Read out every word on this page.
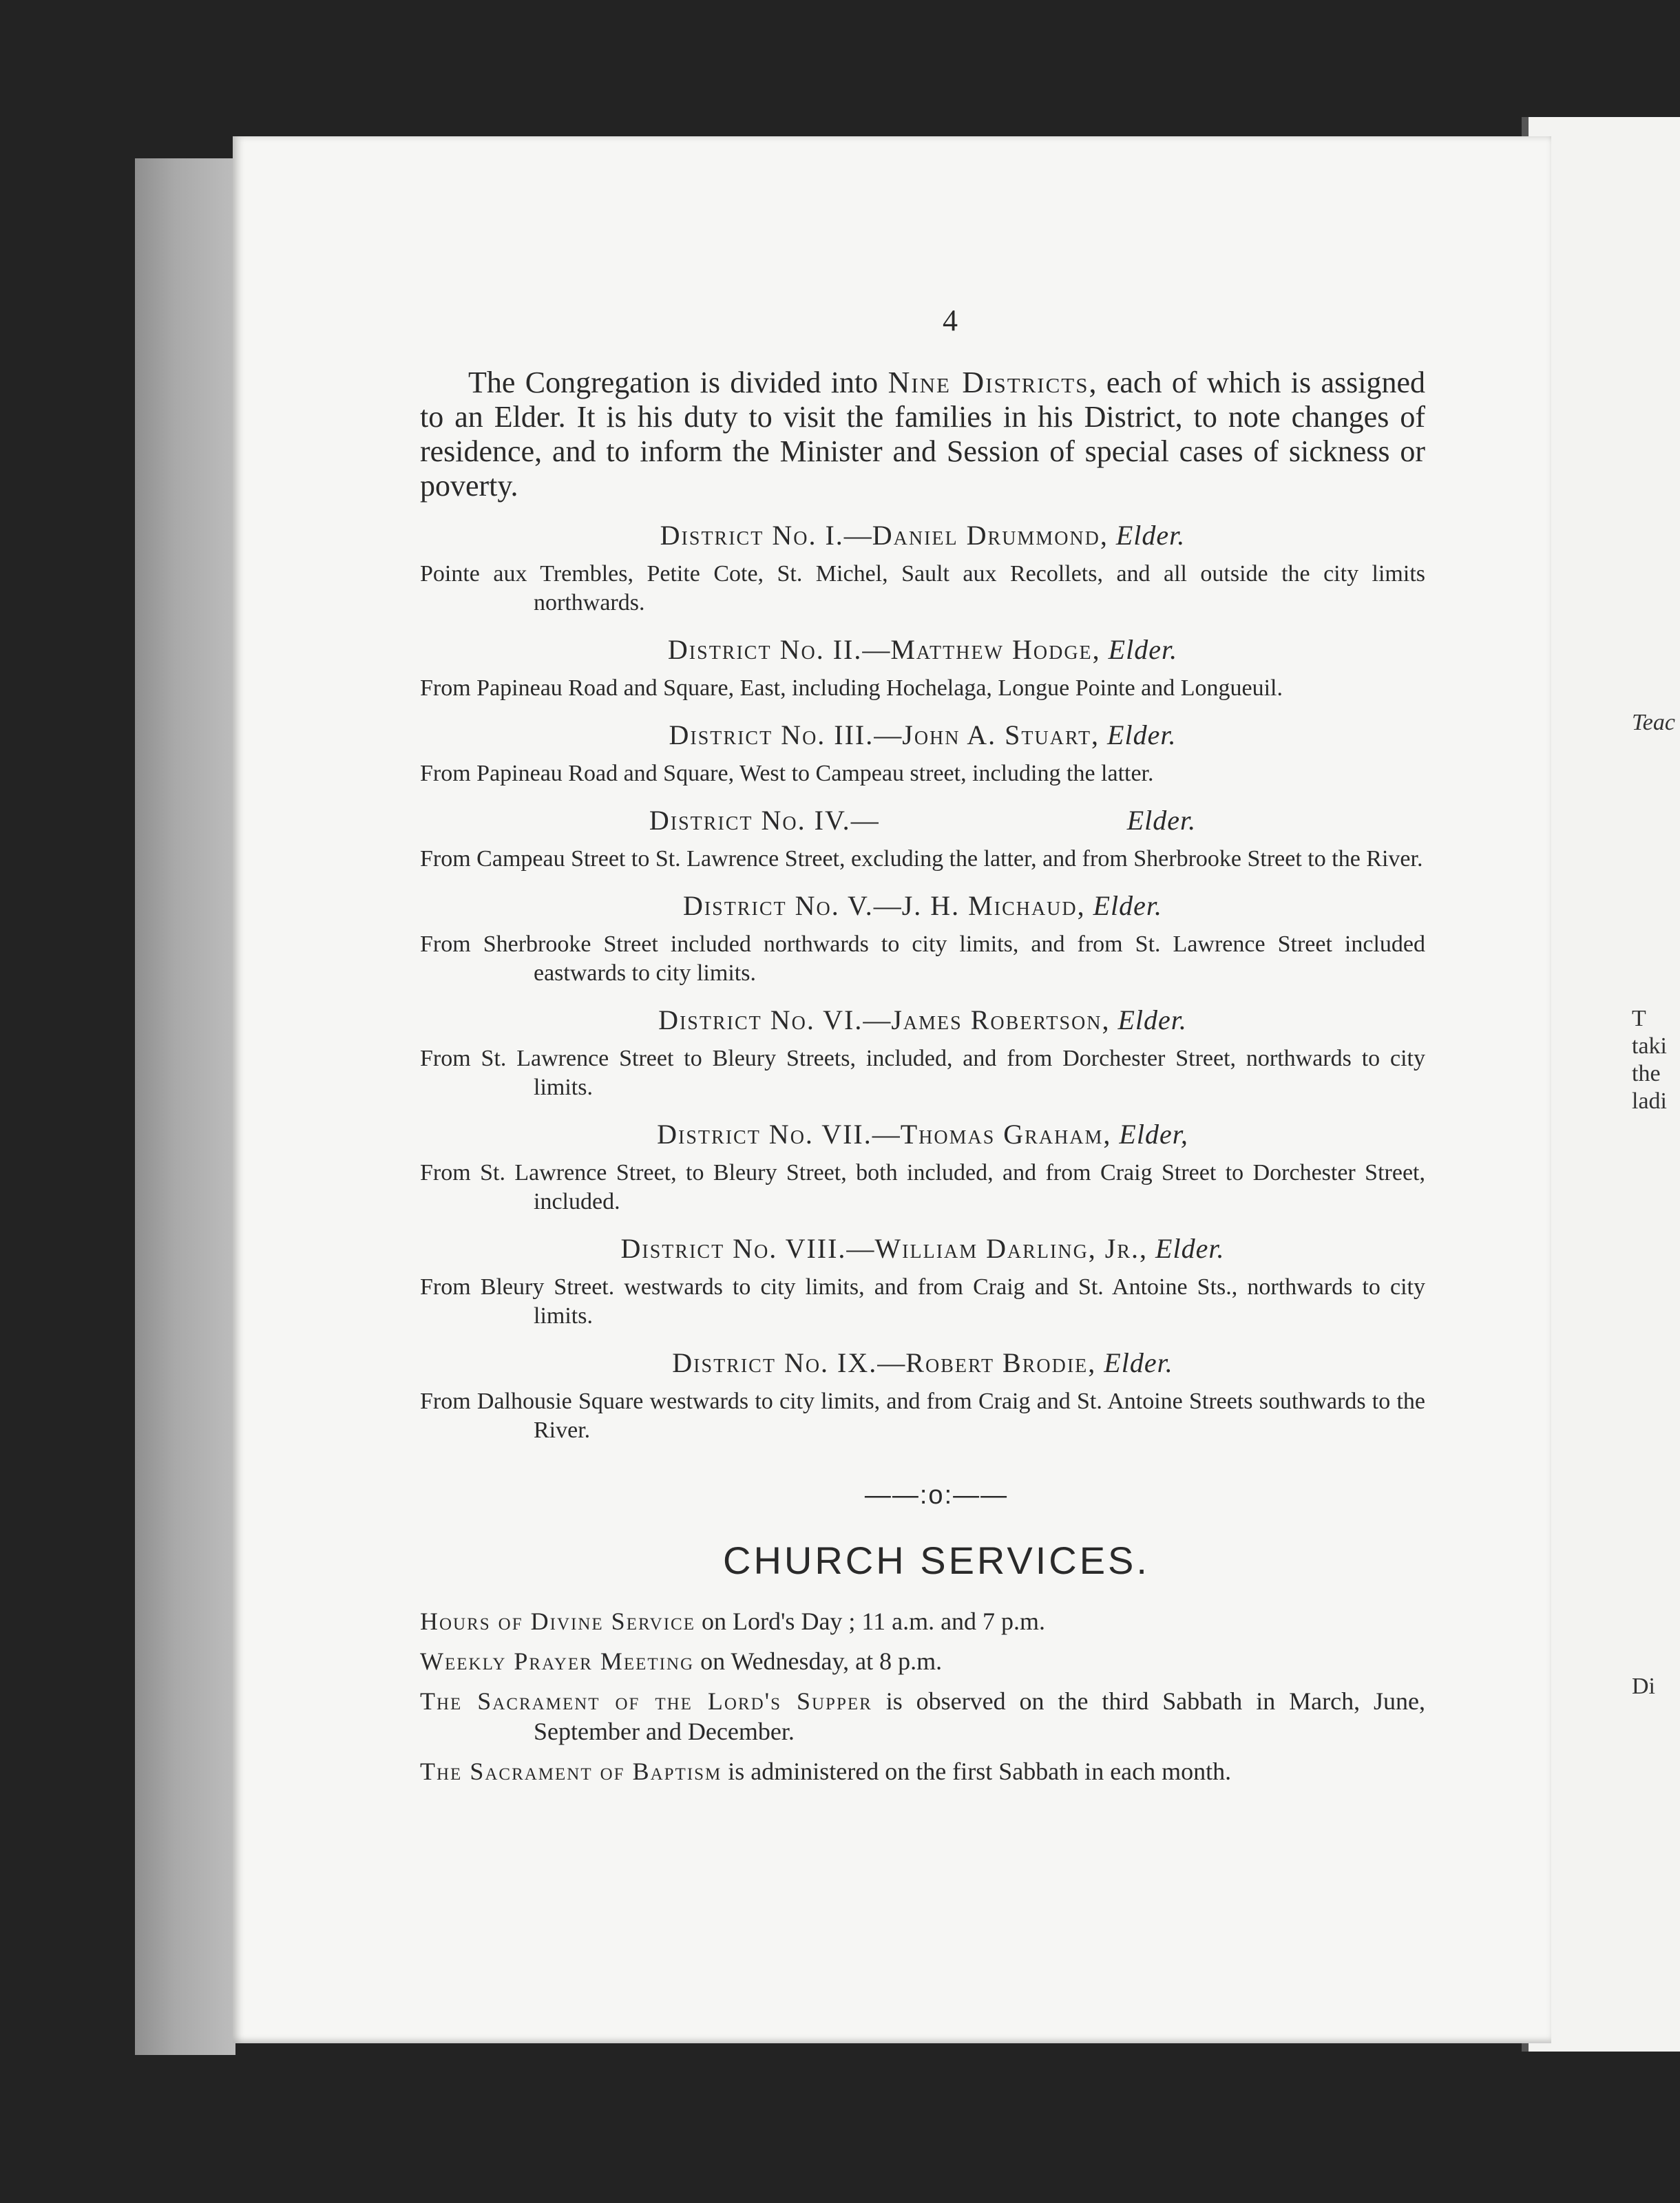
Teac
T
taki
the
ladi
Di
4

The Congregation is divided into Nine Districts, each of which is assigned to an Elder. It is his duty to visit the families in his District, to note changes of residence, and to inform the Minister and Session of special cases of sickness or poverty.

District No. I.—Daniel Drummond, Elder.
Pointe aux Trembles, Petite Cote, St. Michel, Sault aux Recollets, and all outside the city limits northwards.
District No. II.—Matthew Hodge, Elder.
From Papineau Road and Square, East, including Hochelaga, Longue Pointe and Longueuil.
District No. III.—John A. Stuart, Elder.
From Papineau Road and Square, West to Campeau street, including the latter.
District No. IV.—	Elder.
From Campeau Street to St. Lawrence Street, excluding the latter, and from Sherbrooke Street to the River.
District No. V.—J. H. Michaud, Elder.
From Sherbrooke Street included northwards to city limits, and from St. Lawrence Street included eastwards to city limits.
District No. VI.—James Robertson, Elder.
From St. Lawrence Street to Bleury Streets, included, and from Dorchester Street, northwards to city limits.
District No. VII.—Thomas Graham, Elder,
From St. Lawrence Street, to Bleury Street, both included, and from Craig Street to Dorchester Street, included.
District No. VIII.—William Darling, Jr., Elder.
From Bleury Street. westwards to city limits, and from Craig and St. Antoine Sts., northwards to city limits.
District No. IX.—Robert Brodie, Elder.
From Dalhousie Square westwards to city limits, and from Craig and St. Antoine Streets southwards to the River.
——:o:——
CHURCH SERVICES.
Hours of Divine Service on Lord's Day ; 11 a.m. and 7 p.m.
Weekly Prayer Meeting on Wednesday, at 8 p.m.
The Sacrament of the Lord's Supper is observed on the third Sabbath in March, June, September and December.
The Sacrament of Baptism is administered on the first Sabbath in each month.
